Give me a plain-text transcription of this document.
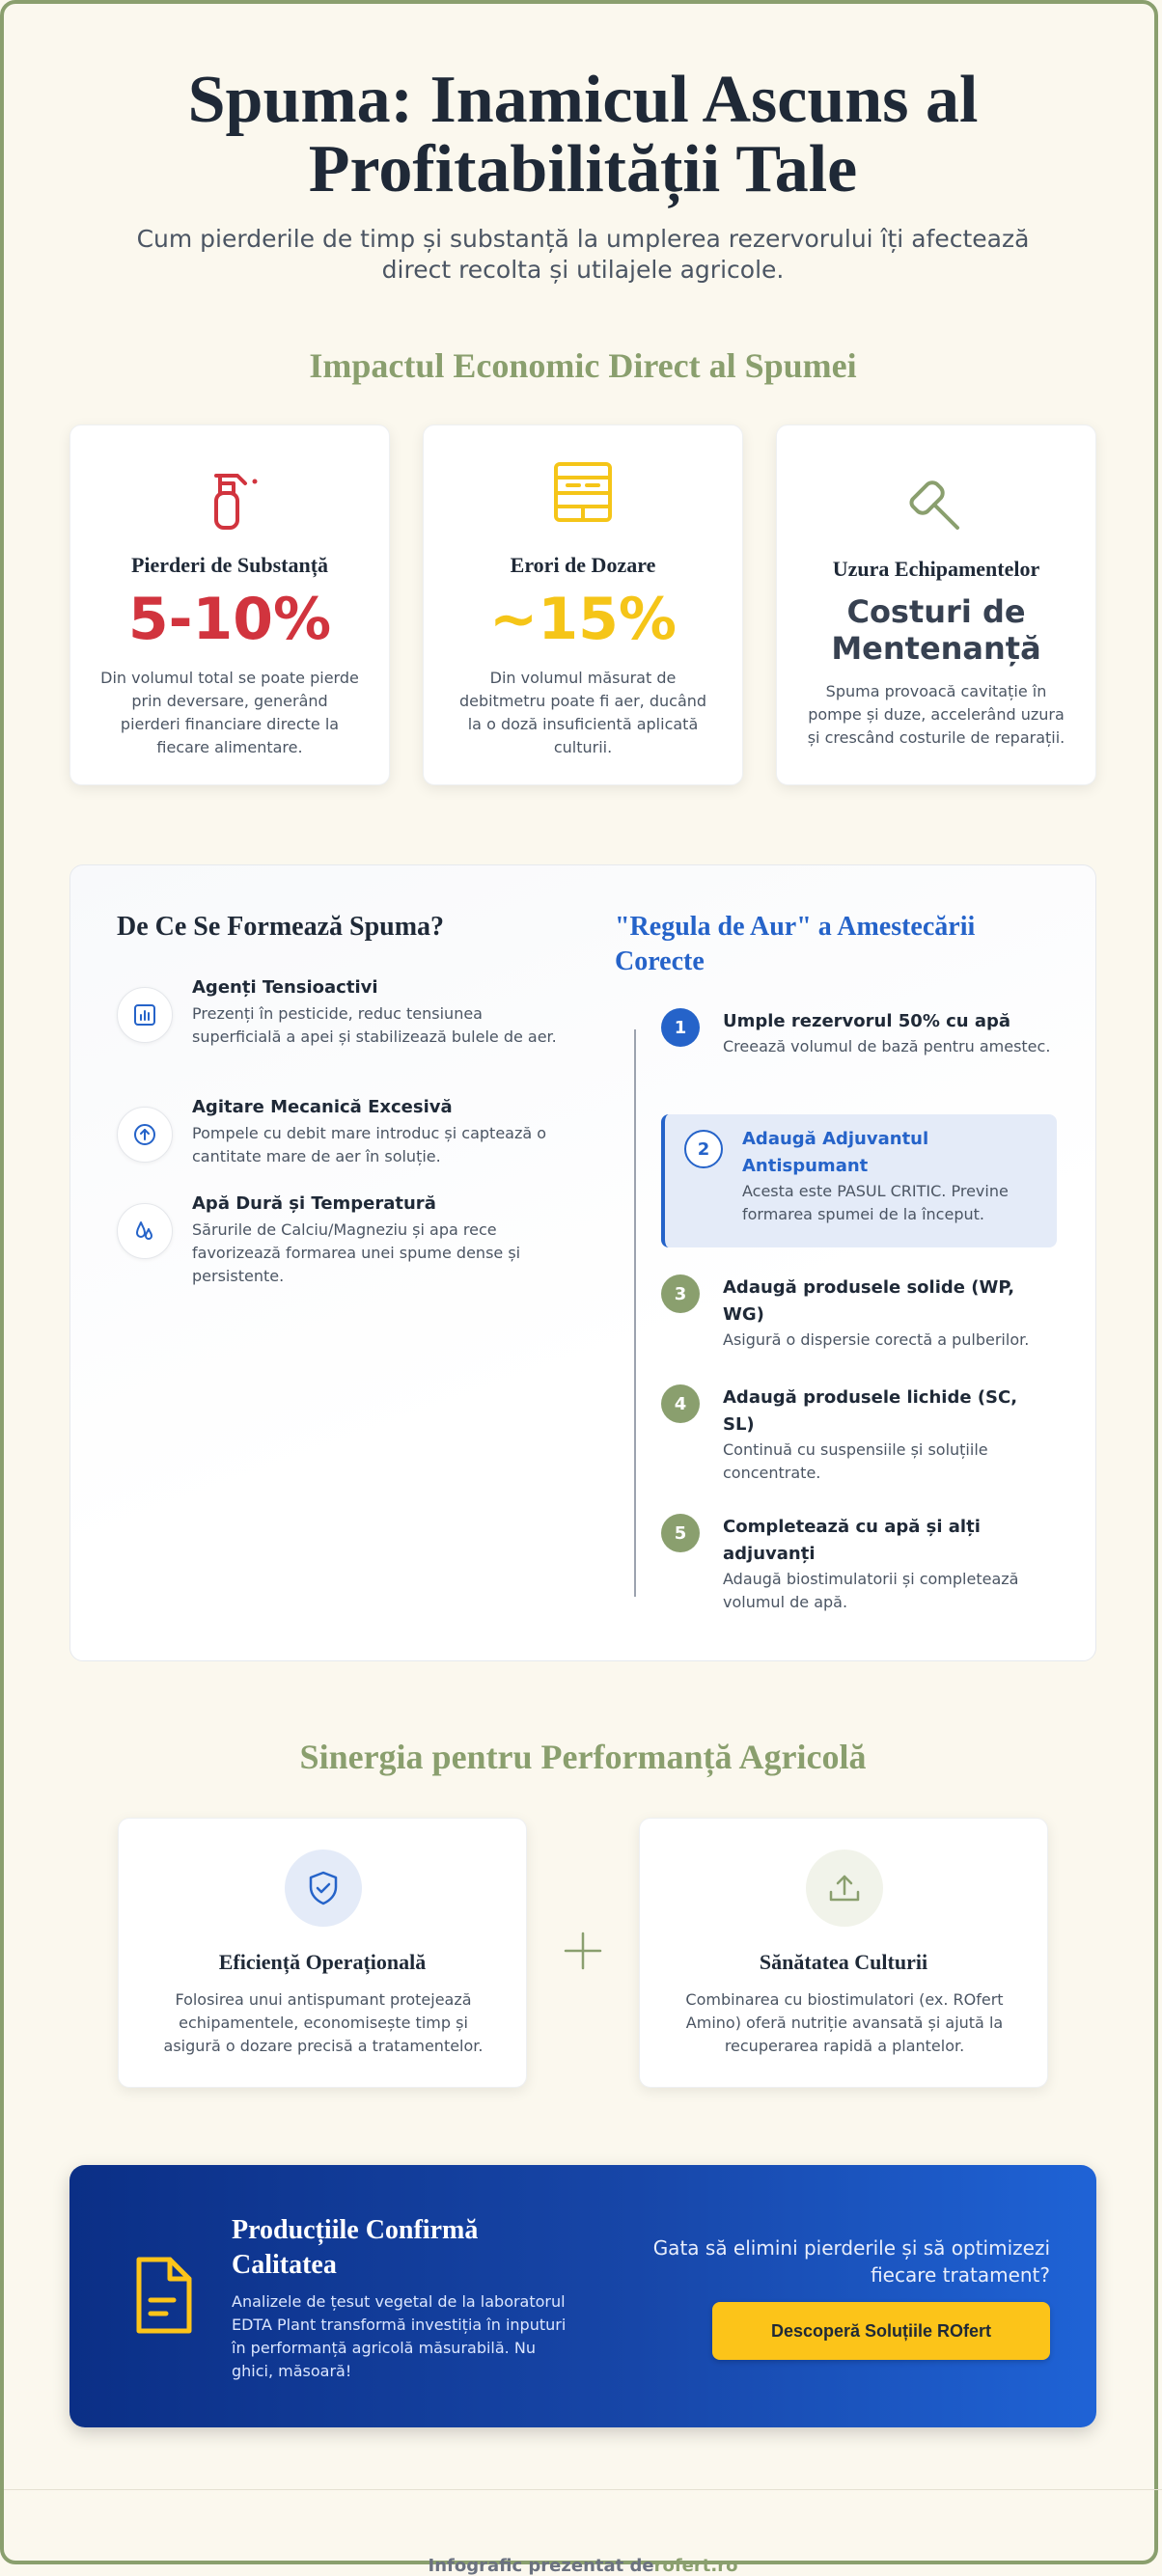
Spuma: Inamicul Ascuns al
Profitabilității Tale

Cum pierderile de timp și substanță la umplerea rezervorului îți afectează direct recolta și utilajele agricole.

Impactul Economic Direct al Spumei
Pierderi de Substanță
5-10%

Din volumul total se poate pierde prin deversare, generând pierderi financiare directe la fiecare alimentare.

Erori de Dozare
~15%

Din volumul măsurat de debitmetru poate fi aer, ducând la o doză insuficientă aplicată culturii.

Uzura Echipamentelor
Costuri de
Mentenanță

Spuma provoacă cavitație în pompe și duze, accelerând uzura și crescând costurile de reparații.

De Ce Se Formează Spuma?
Agenți Tensioactivi
Prezenți în pesticide, reduc tensiunea superficială a apei și stabilizează bulele de aer.
Agitare Mecanică Excesivă
Pompele cu debit mare introduc și captează o cantitate mare de aer în soluție.
Apă Dură și Temperatură
Sărurile de Calciu/Magneziu și apa rece favorizează formarea unei spume dense și persistente.
"Regula de Aur" a Amestecării
Corecte
1	Umple rezervorul 50% cu apă
Creează volumul de bază pentru amestec.
2	Adaugă Adjuvantul Antispumant
Acesta este PASUL CRITIC. Previne formarea spumei de la început.
3	Adaugă produsele solide (WP, WG)
Asigură o dispersie corectă a pulberilor.
4	Adaugă produsele lichide (SC, SL)
Continuă cu suspensiile și soluțiile concentrate.
5	Completează cu apă și alți adjuvanți
Adaugă biostimulatorii și completează volumul de apă.
Sinergia pentru Performanță Agricolă
Eficiență Operațională

Folosirea unui antispumant protejează echipamentele, economisește timp și asigură o dozare precisă a tratamentelor.

Sănătatea Culturii

Combinarea cu biostimulatori (ex. ROfert Amino) oferă nutriție avansată și ajută la recuperarea rapidă a plantelor.

Producțiile Confirmă Calitatea

Analizele de țesut vegetal de la laboratorul EDTA Plant transformă investiția în inputuri în performanță agricolă măsurabilă. Nu ghici, măsoară!

Gata să elimini pierderile și să optimizezi fiecare tratament?

Descoperă Soluțiile ROfert
Infografic prezentat derofert.ro
